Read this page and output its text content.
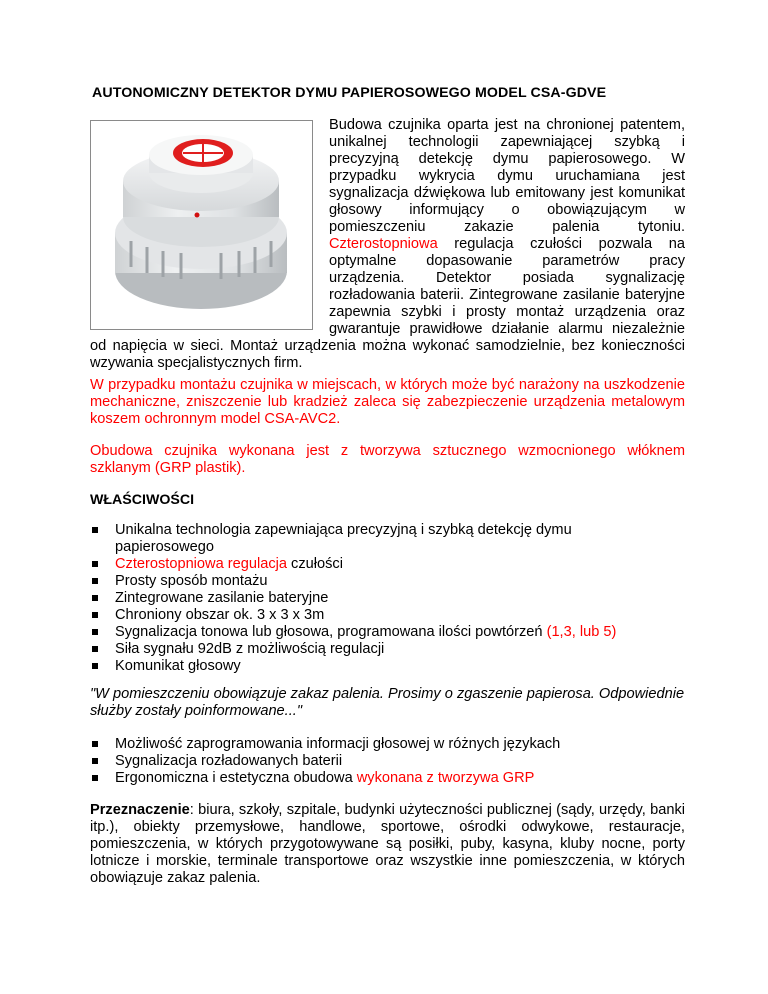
AUTONOMICZNY DETEKTOR DYMU PAPIEROSOWEGO MODEL CSA-GDVE
Budowa czujnika oparta jest na chronionej patentem, unikalnej technologii zapewniającej szybką i precyzyjną detekcję dymu papierosowego. W przypadku wykrycia dymu uruchamiana jest sygnalizacja dźwiękowa lub emitowany jest komunikat głosowy informujący o obowiązującym w pomieszczeniu zakazie palenia tytoniu. Czterostopniowa regulacja czułości pozwala na optymalne dopasowanie parametrów pracy urządzenia. Detektor posiada sygnalizację rozładowania baterii. Zintegrowane zasilanie bateryjne zapewnia szybki i prosty montaż urządzenia oraz gwarantuje prawidłowe działanie alarmu niezależnie od napięcia w sieci. Montaż urządzenia można wykonać samodzielnie, bez konieczności wzywania specjalistycznych firm.
W przypadku montażu czujnika w miejscach, w których może być narażony na uszkodzenie mechaniczne, zniszczenie lub kradzież zaleca się zabezpieczenie urządzenia metalowym koszem ochronnym model CSA-AVC2.
Obudowa czujnika wykonana jest z tworzywa sztucznego wzmocnionego włóknem szklanym (GRP plastik).
WŁAŚCIWOŚCI
Unikalna technologia zapewniająca precyzyjną i szybką detekcję dymu papierosowego
Czterostopniowa regulacja czułości
Prosty sposób montażu
Zintegrowane zasilanie bateryjne
Chroniony obszar ok. 3 x 3 x 3m
Sygnalizacja tonowa lub głosowa, programowana ilości powtórzeń (1,3, lub 5)
Siła sygnału 92dB z możliwością regulacji
Komunikat głosowy
"W pomieszczeniu obowiązuje zakaz palenia. Prosimy o zgaszenie papierosa. Odpowiednie służby zostały poinformowane..."
Możliwość zaprogramowania informacji głosowej w różnych językach
Sygnalizacja rozładowanych baterii
Ergonomiczna i estetyczna obudowa wykonana z tworzywa GRP
Przeznaczenie: biura, szkoły, szpitale, budynki użyteczności publicznej (sądy, urzędy, banki itp.), obiekty przemysłowe, handlowe, sportowe, ośrodki odwykowe, restauracje, pomieszczenia, w których przygotowywane są posiłki, puby, kasyna, kluby nocne, porty lotnicze i morskie, terminale transportowe oraz wszystkie inne pomieszczenia, w których obowiązuje zakaz palenia.
